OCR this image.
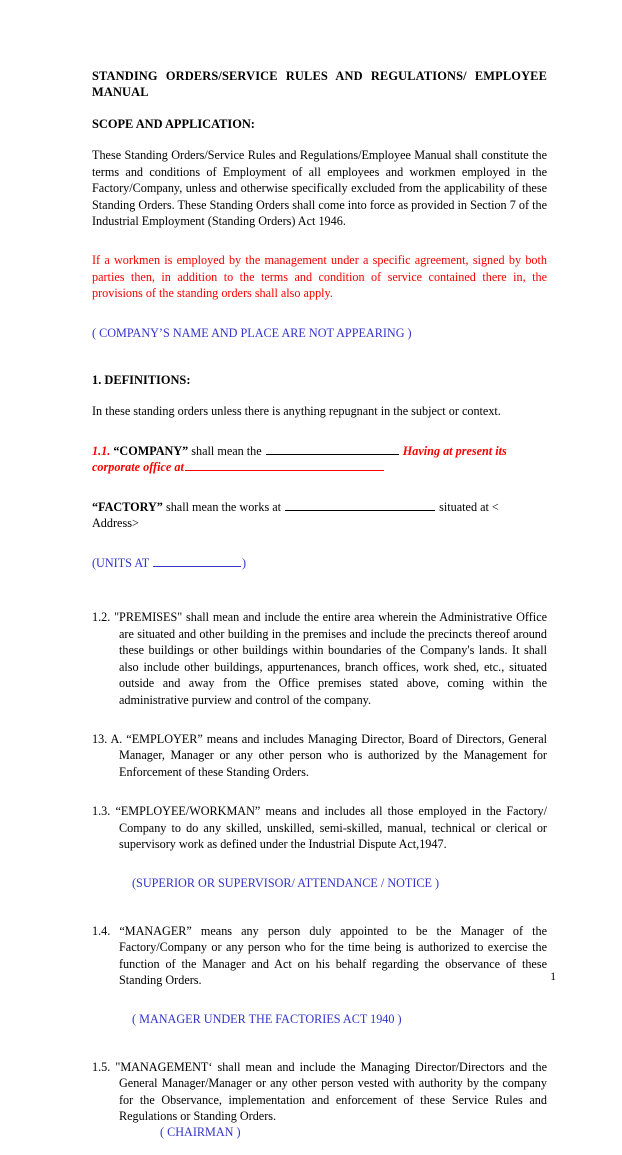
STANDING ORDERS/SERVICE RULES AND REGULATIONS/ EMPLOYEE
MANUAL
SCOPE AND APPLICATION:

These Standing Orders/Service Rules and Regulations/Employee Manual shall constitute the terms and conditions of Employment of all employees and workmen employed in the Factory/Company, unless and otherwise specifically excluded from the applicability of these Standing Orders. These Standing Orders shall come into force as provided in Section 7 of the Industrial Employment (Standing Orders) Act 1946.

If a workmen is employed by the management under a specific agreement, signed by both parties then, in addition to the terms and condition of service contained there in, the provisions of the standing orders shall also apply.

( COMPANY’S NAME AND PLACE ARE NOT APPEARING )

1. DEFINITIONS:

In these standing orders unless there is anything repugnant in the subject or context.

1.1. “COMPANY” shall mean the	Having at present its corporate office at

“FACTORY” shall mean the works at	situated at < Address>

(UNITS AT	)

1.2. "PREMISES" shall mean and include the entire area wherein the Administrative Office are situated and other building in the premises and include the precincts thereof around these buildings or other buildings within boundaries of the Company's lands. It shall also include other buildings, appurtenances, branch offices, work shed, etc., situated outside and away from the Office premises stated above, coming within the administrative purview and control of the company.

13. A. “EMPLOYER” means and includes Managing Director, Board of Directors, General Manager, Manager or any other person who is authorized by the Management for Enforcement of these Standing Orders.

1.3. “EMPLOYEE/WORKMAN” means and includes all those employed in the Factory/ Company to do any skilled, unskilled, semi-skilled, manual, technical or clerical or supervisory work as defined under the Industrial Dispute Act,1947.

(SUPERIOR OR SUPERVISOR/ ATTENDANCE / NOTICE )

1.4. “MANAGER” means any person duly appointed to be the Manager of the Factory/Company or any person who for the time being is authorized to exercise the function of the Manager and Act on his behalf regarding the observance of these Standing Orders.

( MANAGER UNDER THE FACTORIES ACT 1940 )

1.5. "MANAGEMENT‘ shall mean and include the Managing Director/Directors and the General Manager/Manager or any other person vested with authority by the company for the Observance, implementation and enforcement of these Service Rules and Regulations or Standing Orders.

( CHAIRMAN )

1
